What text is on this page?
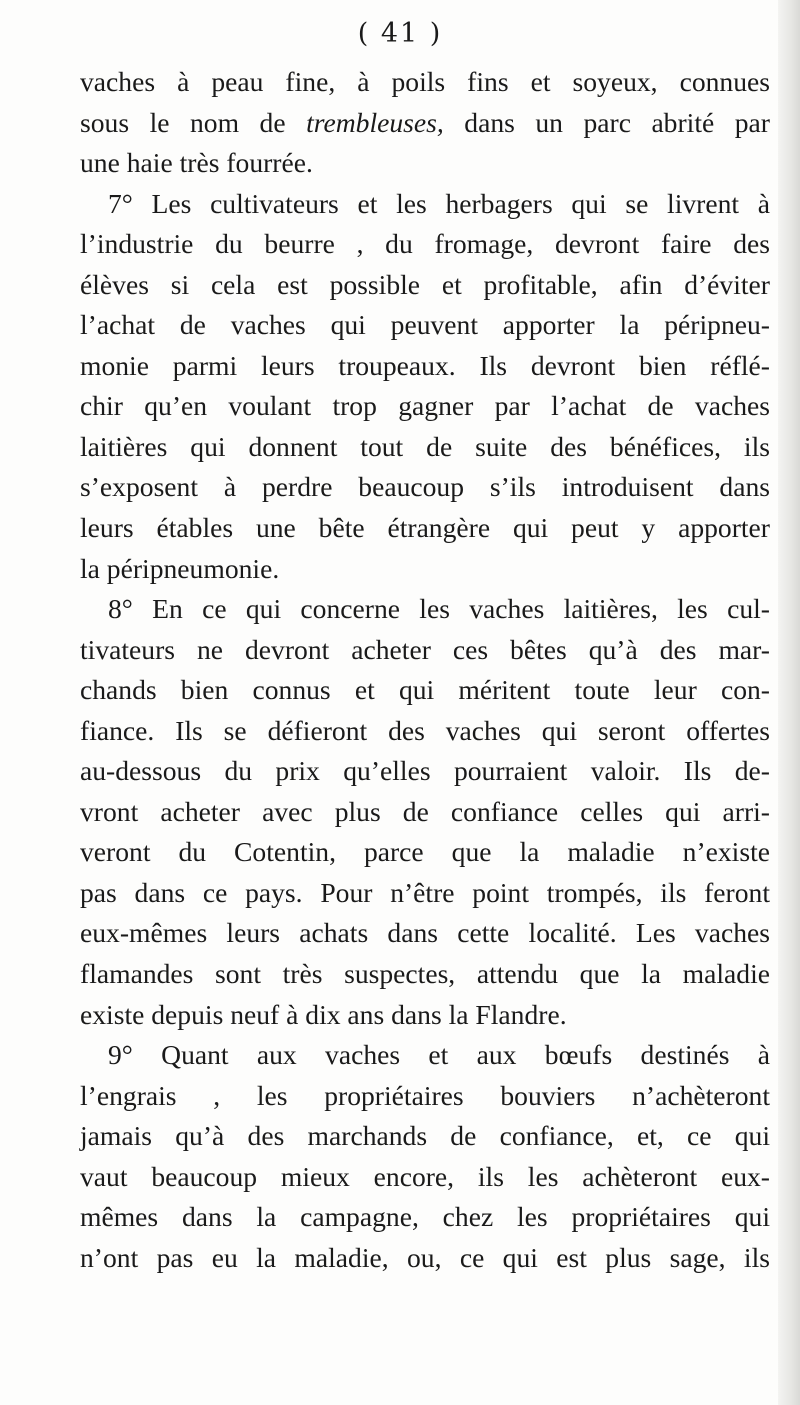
( 41 )
vaches à peau fine, à poils fins et soyeux, connues
sous le nom de trembleuses, dans un parc abrité par
une haie très fourrée.
7° Les cultivateurs et les herbagers qui se livrent à
l’industrie du beurre , du fromage, devront faire des
élèves si cela est possible et profitable, afin d’éviter
l’achat de vaches qui peuvent apporter la péripneu-
monie parmi leurs troupeaux. Ils devront bien réflé-
chir qu’en voulant trop gagner par l’achat de vaches
laitières qui donnent tout de suite des bénéfices, ils
s’exposent à perdre beaucoup s’ils introduisent dans
leurs étables une bête étrangère qui peut y apporter
la péripneumonie.
8° En ce qui concerne les vaches laitières, les cul-
tivateurs ne devront acheter ces bêtes qu’à des mar-
chands bien connus et qui méritent toute leur con-
fiance. Ils se défieront des vaches qui seront offertes
au-dessous du prix qu’elles pourraient valoir. Ils de-
vront acheter avec plus de confiance celles qui arri-
veront du Cotentin, parce que la maladie n’existe
pas dans ce pays. Pour n’être point trompés, ils feront
eux-mêmes leurs achats dans cette localité. Les vaches
flamandes sont très suspectes, attendu que la maladie
existe depuis neuf à dix ans dans la Flandre.
9° Quant aux vaches et aux bœufs destinés à
l’engrais , les propriétaires bouviers n’achèteront
jamais qu’à des marchands de confiance, et, ce qui
vaut beaucoup mieux encore, ils les achèteront eux-
mêmes dans la campagne, chez les propriétaires qui
n’ont pas eu la maladie, ou, ce qui est plus sage, ils
